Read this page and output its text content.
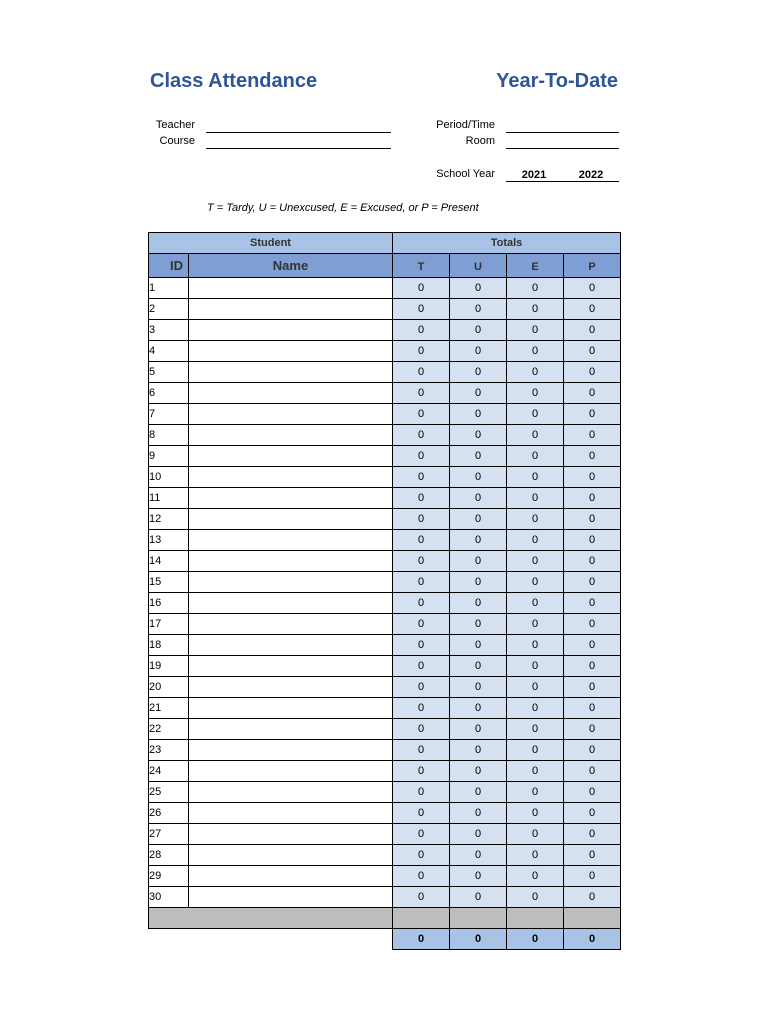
Class Attendance	Year-To-Date
Teacher
Course
Period/Time
Room
School Year	2021	2022
T = Tardy, U = Unexcused, E = Excused, or P = Present
Student		Totals			
ID	Name	T	U	E	P
1		0	0	0	0
2		0	0	0	0
3		0	0	0	0
4		0	0	0	0
5		0	0	0	0
6		0	0	0	0
7		0	0	0	0
8		0	0	0	0
9		0	0	0	0
10		0	0	0	0
11		0	0	0	0
12		0	0	0	0
13		0	0	0	0
14		0	0	0	0
15		0	0	0	0
16		0	0	0	0
17		0	0	0	0
18		0	0	0	0
19		0	0	0	0
20		0	0	0	0
21		0	0	0	0
22		0	0	0	0
23		0	0	0	0
24		0	0	0	0
25		0	0	0	0
26		0	0	0	0
27		0	0	0	0
28		0	0	0	0
29		0	0	0	0
30		0	0	0	0

		0	0	0	0
